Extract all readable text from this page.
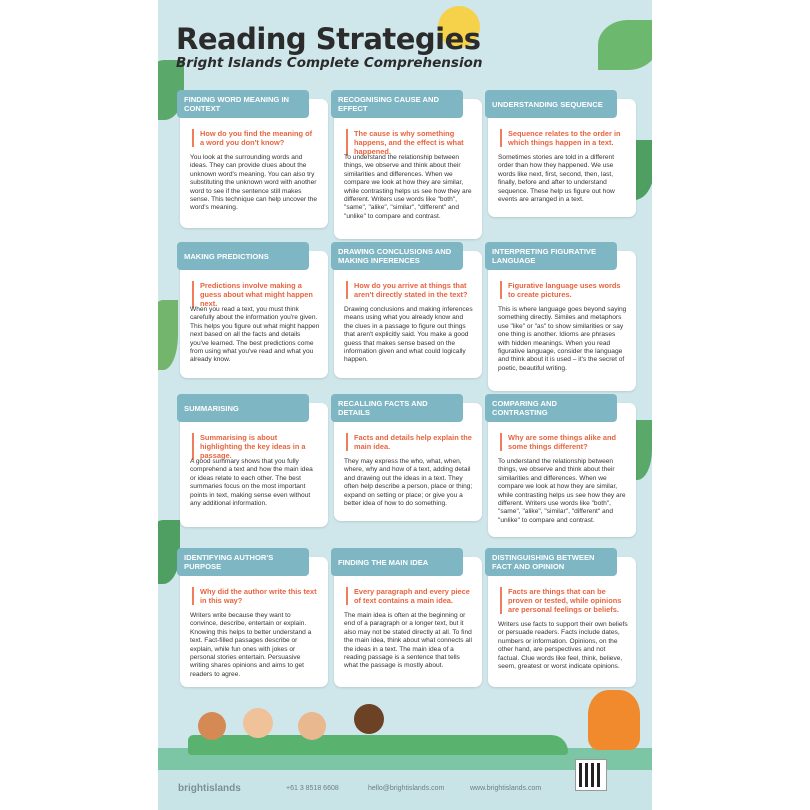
Reading Strategies
Bright Islands Complete Comprehension
FINDING WORD MEANING IN CONTEXT
How do you find the meaning of a word you don't know?
You look at the surrounding words and ideas. They can provide clues about the unknown word's meaning. You can also try substituting the unknown word with another word to see if the sentence still makes sense. This technique can help uncover the word's meaning.
RECOGNISING CAUSE AND EFFECT
The cause is why something happens, and the effect is what happened.
To understand the relationship between things, we observe and think about their similarities and differences. When we compare we look at how they are similar, while contrasting helps us see how they are different. Writers use words like "both", "same", "alike", "similar", "different" and "unlike" to compare and contrast.
UNDERSTANDING SEQUENCE
Sequence relates to the order in which things happen in a text.
Sometimes stories are told in a different order than how they happened. We use words like next, first, second, then, last, finally, before and after to understand sequence. These help us figure out how events are arranged in a text.
MAKING PREDICTIONS
Predictions involve making a guess about what might happen next.
When you read a text, you must think carefully about the information you're given. This helps you figure out what might happen next based on all the facts and details you've learned. The best predictions come from using what you've read and what you already know.
DRAWING CONCLUSIONS AND MAKING INFERENCES
How do you arrive at things that aren't directly stated in the text?
Drawing conclusions and making inferences means using what you already know and the clues in a passage to figure out things that aren't explicitly said. You make a good guess that makes sense based on the information given and what could logically happen.
INTERPRETING FIGURATIVE LANGUAGE
Figurative language uses words to create pictures.
This is where language goes beyond saying something directly. Similes and metaphors use "like" or "as" to show similarities or say one thing is another. Idioms are phrases with hidden meanings. When you read figurative language, consider the language and think about it is used – it's the secret of poetic, beautiful writing.
SUMMARISING
Summarising is about highlighting the key ideas in a passage.
A good summary shows that you fully comprehend a text and how the main idea or ideas relate to each other. The best summaries focus on the most important points in text, making sense even without any additional information.
RECALLING FACTS AND DETAILS
Facts and details help explain the main idea.
They may express the who, what, when, where, why and how of a text, adding detail and drawing out the ideas in a text. They often help describe a person, place or thing; expand on setting or place; or give you a better idea of how to do something.
COMPARING AND CONTRASTING
Why are some things alike and some things different?
To understand the relationship between things, we observe and think about their similarities and differences. When we compare we look at how they are similar, while contrasting helps us see how they are different. Writers use words like "both", "same", "alike", "similar", "different" and "unlike" to compare and contrast.
IDENTIFYING AUTHOR'S PURPOSE
Why did the author write this text in this way?
Writers write because they want to convince, describe, entertain or explain. Knowing this helps to better understand a text. Fact-filled passages describe or explain, while fun ones with jokes or personal stories entertain. Persuasive writing shares opinions and aims to get readers to agree.
FINDING THE MAIN IDEA
Every paragraph and every piece of text contains a main idea.
The main idea is often at the beginning or end of a paragraph or a longer text, but it also may not be stated directly at all. To find the main idea, think about what connects all the ideas in a text. The main idea of a reading passage is a sentence that tells what the passage is mostly about.
DISTINGUISHING BETWEEN FACT AND OPINION
Facts are things that can be proven or tested, while opinions are personal feelings or beliefs.
Writers use facts to support their own beliefs or persuade readers. Facts include dates, numbers or information. Opinions, on the other hand, are perspectives and not factual. Clue words like feel, think, believe, seem, greatest or worst indicate opinions.
brightislands	+61 3 8518 6608	hello@brightislands.com	www.brightislands.com
